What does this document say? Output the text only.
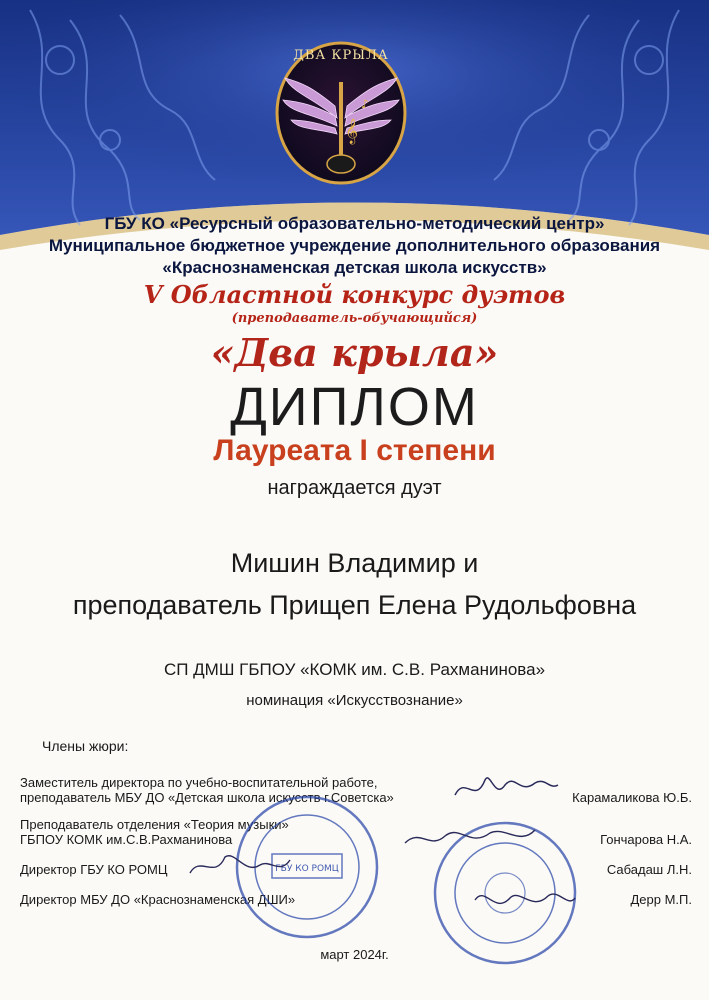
𝄞
♪
ДВА КРЫЛА
ГБУ КО «Ресурсный образовательно-методический центр»
Муниципальное бюджетное учреждение дополнительного образования
«Краснознаменская детская школа искусств»
V Областной конкурс дуэтов
(преподаватель-обучающийся)
«Два крыла»
ДИПЛОМ
Лауреата I степени
награждается дуэт
Мишин Владимир и
преподаватель Прищеп Елена Рудольфовна
СП ДМШ ГБПОУ «КОМК им. С.В. Рахманинова»
номинация «Искусствознание»
Члены жюри:
Заместитель директора по учебно-воспитательной работе,
преподаватель МБУ ДО «Детская школа искусств г.Советска»	Карамаликова Ю.Б.
Преподаватель отделения «Теория музыки»
ГБПОУ КОМК им.С.В.Рахманинова	Гончарова Н.А.
Директор ГБУ КО РОМЦ	Сабадаш Л.Н.
Директор МБУ ДО «Краснознаменская ДШИ»	Дерр М.П.
ГБУ КО РОМЦ
март 2024г.
